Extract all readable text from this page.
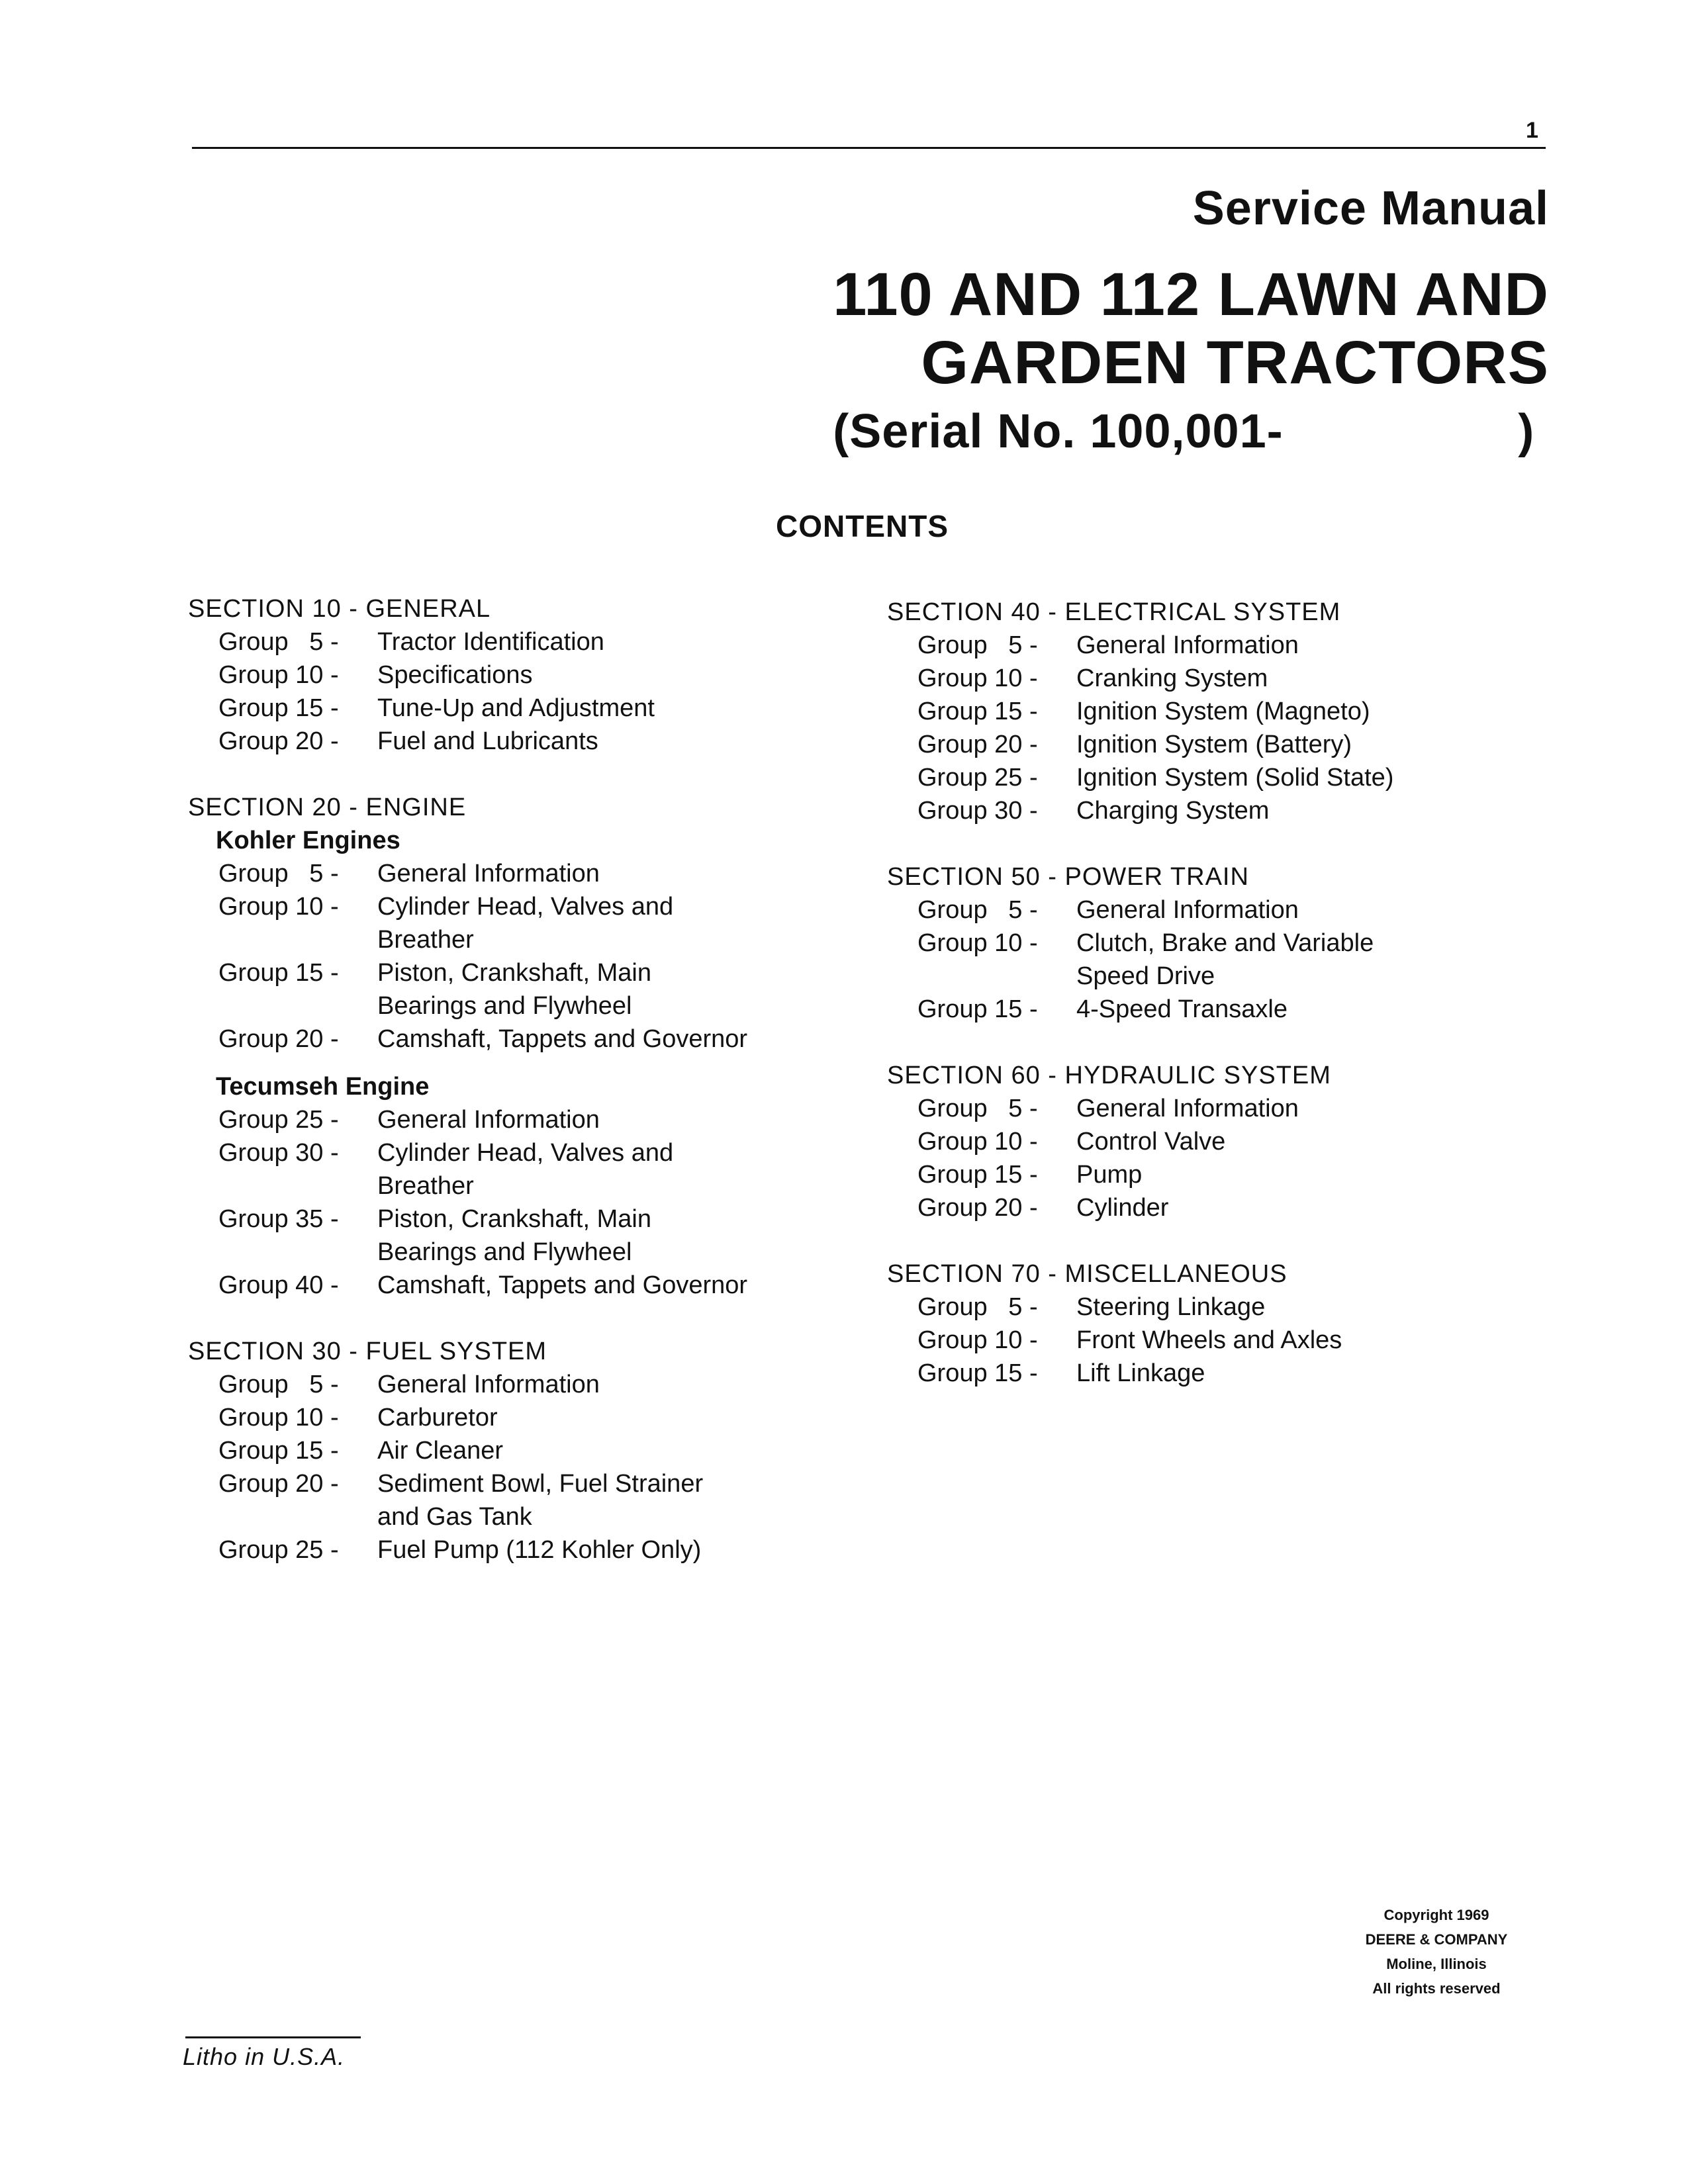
1
Service Manual
110 AND 112 LAWN AND
GARDEN TRACTORS
(Serial No. 100,001-	)
CONTENTS
SECTION 10 - GENERAL
Group   5 -	Tractor Identification
Group 10 -	Specifications
Group 15 -	Tune-Up and Adjustment
Group 20 -	Fuel and Lubricants
SECTION 20 - ENGINE
Kohler Engines
Group   5 -	General Information
Group 10 -	Cylinder Head, Valves and Breather
Group 15 -	Piston, Crankshaft, Main Bearings and Flywheel
Group 20 -	Camshaft, Tappets and Governor
Tecumseh Engine
Group 25 -	General Information
Group 30 -	Cylinder Head, Valves and Breather
Group 35 -	Piston, Crankshaft, Main Bearings and Flywheel
Group 40 -	Camshaft, Tappets and Governor
SECTION 30 - FUEL SYSTEM
Group   5 -	General Information
Group 10 -	Carburetor
Group 15 -	Air Cleaner
Group 20 -	Sediment Bowl, Fuel Strainer and Gas Tank
Group 25 -	Fuel Pump (112 Kohler Only)
SECTION 40 - ELECTRICAL SYSTEM
Group   5 -	General Information
Group 10 -	Cranking System
Group 15 -	Ignition System (Magneto)
Group 20 -	Ignition System (Battery)
Group 25 -	Ignition System (Solid State)
Group 30 -	Charging System
SECTION 50 - POWER TRAIN
Group   5 -	General Information
Group 10 -	Clutch, Brake and Variable Speed Drive
Group 15 -	4-Speed Transaxle
SECTION 60 - HYDRAULIC SYSTEM
Group   5 -	General Information
Group 10 -	Control Valve
Group 15 -	Pump
Group 20 -	Cylinder
SECTION 70 - MISCELLANEOUS
Group   5 -	Steering Linkage
Group 10 -	Front Wheels and Axles
Group 15 -	Lift Linkage
Copyright 1969
DEERE & COMPANY
Moline, Illinois
All rights reserved
Litho in U.S.A.
